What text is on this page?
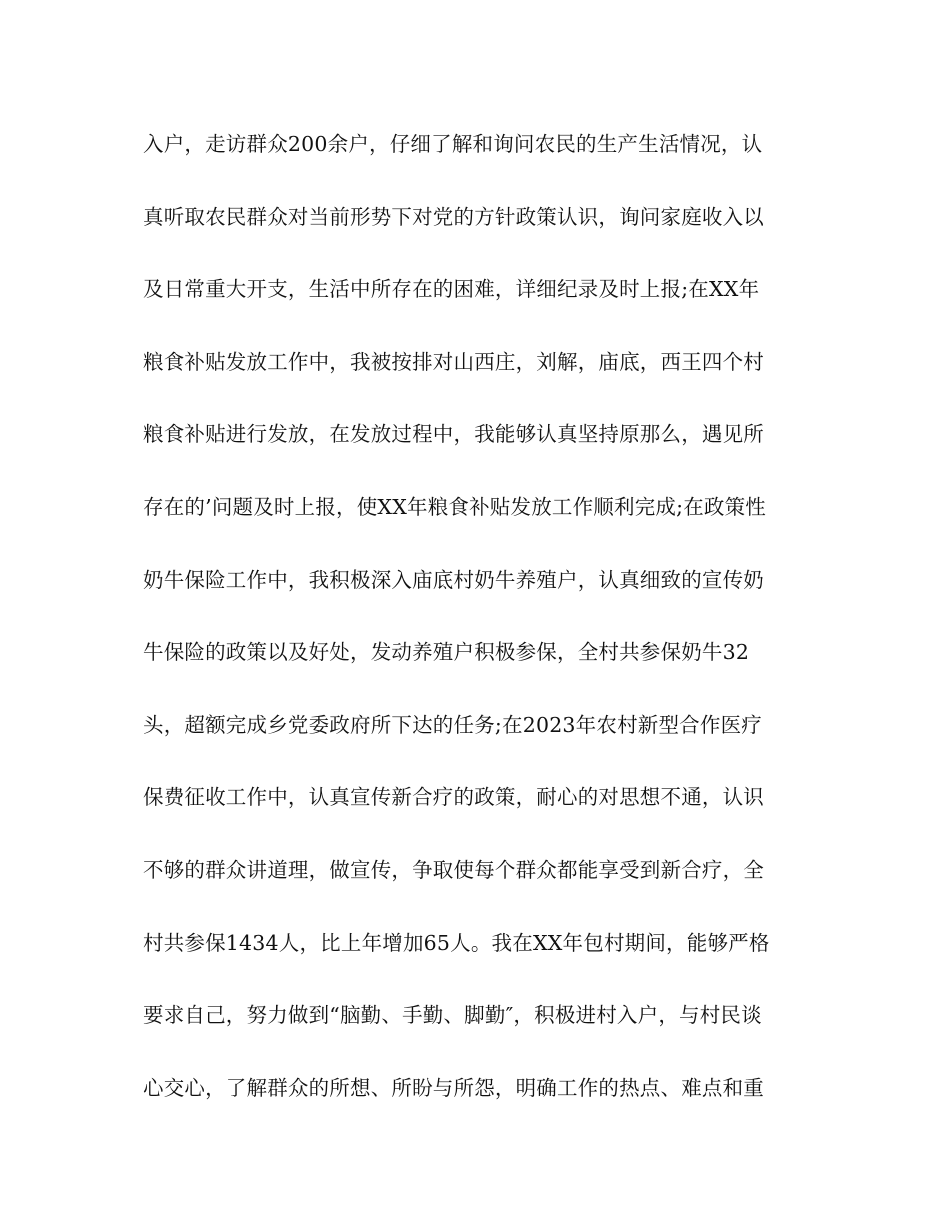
入户，走访群众200余户，仔细了解和询问农民的生产生活情况，认
真听取农民群众对当前形势下对党的方针政策认识，询问家庭收入以
及日常重大开支，生活中所存在的困难，详细纪录及时上报;在XX年
粮食补贴发放工作中，我被按排对山西庄，刘解，庙底，西王四个村
粮食补贴进行发放，在发放过程中，我能够认真坚持原那么，遇见所
存在的’问题及时上报，使XX年粮食补贴发放工作顺利完成;在政策性
奶牛保险工作中，我积极深入庙底村奶牛养殖户，认真细致的宣传奶
牛保险的政策以及好处，发动养殖户积极参保，全村共参保奶牛32
头，超额完成乡党委政府所下达的任务;在2023年农村新型合作医疗
保费征收工作中，认真宣传新合疗的政策，耐心的对思想不通，认识
不够的群众讲道理，做宣传，争取使每个群众都能享受到新合疗，全
村共参保1434人，比上年增加65人。我在XX年包村期间，能够严格
要求自己，努力做到“脑勤、手勤、脚勤″，积极进村入户，与村民谈
心交心，了解群众的所想、所盼与所怨，明确工作的热点、难点和重
